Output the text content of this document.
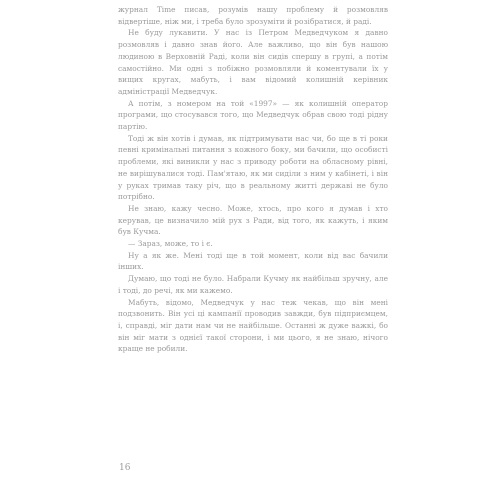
журнал Time писав, розумів нашу проблему й розмовляв відвертіше, ніж ми, і треба було зрозуміти й розібратися, й раді.

Не буду лукавити. У нас із Петром Медведчуком я давно розмовляв і давно знав його. Але важливо, що він був нашою людиною в Верховній Раді, коли він сидів спершу в групі, а потім самостійно. Ми одні з побіжно розмовляли й коментували їх у вищих кругах, мабуть, і вам відомий колишній керівник адміністрації Медведчук.

А потім, з номером на той «1997» — як колишній оператор програми, що стосувався того, що Медведчук обрав свою тоді рідну партію.

Тоді ж він хотів і думав, як підтримувати нас чи, бо ще в ті роки певні кримінальні питання з кожного боку, ми бачили, що особисті проблеми, які виникли у нас з приводу роботи на обласному рівні, не вирішувалися тоді. Пам'ятаю, як ми сиділи з ним у кабінеті, і він у руках тримав таку річ, що в реальному житті державі не було потрібно.

Не знаю, кажу чесно. Може, хтось, про кого я думав і хто керував, це визначило мій рух з Ради, від того, як кажуть, і яким був Кучма.

— Зараз, може, то і є.

Ну а як же. Мені тоді ще в той момент, коли від вас бачили інших.

Думаю, що тоді не було. Набрали Кучму як найбільш зручну, але і тоді, до речі, як ми кажемо.

Мабуть, відомо, Медведчук у нас теж чекав, що він мені подзвонить. Він усі ці кампанії проводив завжди, був підприємцем, і, справді, міг дати нам чи не найбільше. Останні ж дуже важкі, бо він міг мати з однієї такої сторони, і ми цього, я не знаю, нічого краще не робили.

16
